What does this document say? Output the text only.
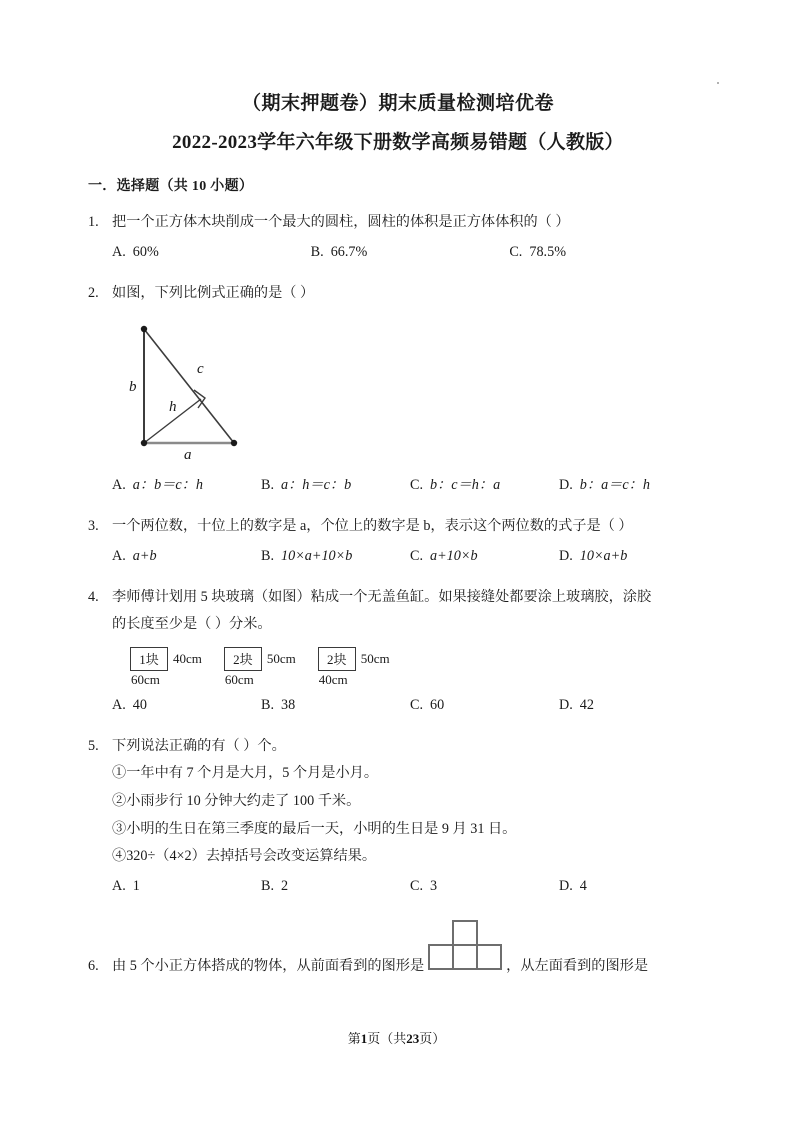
（期末押题卷）期末质量检测培优卷
2022-2023学年六年级下册数学高频易错题（人教版）
一．选择题（共 10 小题）
1. 把一个正方体木块削成一个最大的圆柱，圆柱的体积是正方体体积的（ ）
A. 60%	B. 66.7%	C. 78.5%
2. 如图，下列比例式正确的是（ ）
b
c
h
a
A. a：b＝c：h	B. a：h＝c：b	C. b：c＝h：a	D. b：a＝c：h
3. 一个两位数，十位上的数字是 a，个位上的数字是 b，表示这个两位数的式子是（ ）
A. a+b	B. 10×a+10×b	C. a+10×b	D. 10×a+b
4. 李师傅计划用 5 块玻璃（如图）粘成一个无盖鱼缸。如果接缝处都要涂上玻璃胶，涂胶
的长度至少是（ ）分米。
1块	40cm
60cm
2块	50cm
60cm
2块	50cm
40cm
A. 40	B. 38	C. 60	D. 42
5. 下列说法正确的有（ ）个。
①一年中有 7 个月是大月，5 个月是小月。
②小雨步行 10 分钟大约走了 100 千米。
③小明的生日在第三季度的最后一天，小明的生日是 9 月 31 日。
④320÷（4×2）去掉括号会改变运算结果。
A. 1	B. 2	C. 3	D. 4
6. 由 5 个小正方体搭成的物体，从前面看到的图形是	，从左面看到的图形是
第1页（共23页）
